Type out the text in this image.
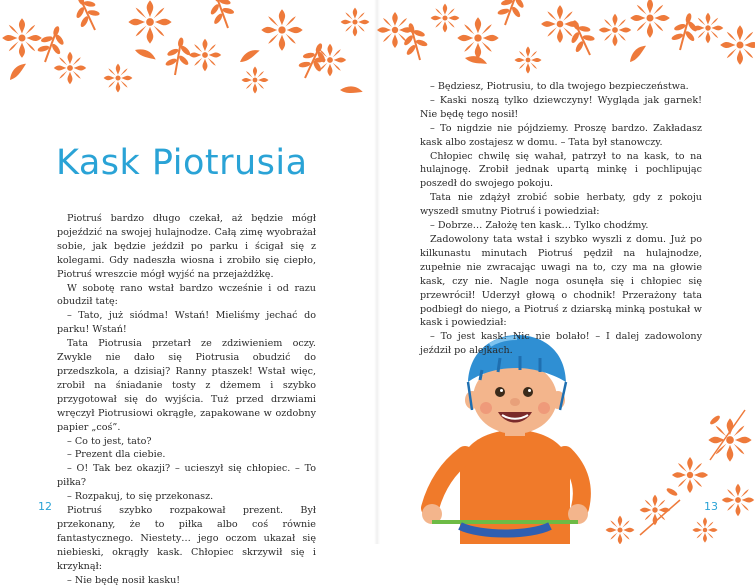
Kask Piotrusia

Piotruś bardzo długo czekał, aż będzie mógł pojeździć na swojej hulajnodze. Całą zimę wyobrażał sobie, jak będzie jeździł po parku i ścigał się z kolegami. Gdy nadeszła wiosna i zrobiło się ciepło, Piotruś wreszcie mógł wyjść na przejażdżkę.

W sobotę rano wstał bardzo wcześnie i od razu obudził tatę:

– Tato, już siódma! Wstań! Mieliśmy jechać do parku! Wstań!

Tata Piotrusia przetarł ze zdziwieniem oczy. Zwykle nie dało się Piotrusia obudzić do przedszkola, a dzisiaj? Ranny ptaszek! Wstał więc, zrobił na śniadanie tosty z dżemem i szybko przygotował się do wyjścia. Tuż przed drzwiami wręczył Piotrusiowi okrągłe, zapakowane w ozdobny papier „coś”.

– Co to jest, tato?

– Prezent dla ciebie.

– O! Tak bez okazji? – ucieszył się chłopiec. – To piłka?

– Rozpakuj, to się przekonasz.

Piotruś szybko rozpakował prezent. Był przekonany, że to piłka albo coś równie fantastycznego. Niestety… jego oczom ukazał się niebieski, okrągły kask. Chłopiec skrzywił się i krzyknął:

– Nie będę nosił kasku!

– Będziesz, Piotrusiu, to dla twojego bezpieczeństwa.

– Kaski noszą tylko dziewczyny! Wygląda jak garnek! Nie będę tego nosił!

– To nigdzie nie pójdziemy. Proszę bardzo. Zakładasz kask albo zostajesz w domu. – Tata był stanowczy.

Chłopiec chwilę się wahał, patrzył to na kask, to na hulajnogę. Zrobił jednak upartą minkę i pochlipując poszedł do swojego pokoju.

Tata nie zdążył zrobić sobie herbaty, gdy z pokoju wyszedł smutny Piotruś i powiedział:

– Dobrze… Założę ten kask… Tylko chodźmy.

Zadowolony tata wstał i szybko wyszli z domu. Już po kilkunastu minutach Piotruś pędził na hulajnodze, zupełnie nie zwracając uwagi na to, czy ma na głowie kask, czy nie. Nagle noga osunęła się i chłopiec się przewrócił! Uderzył głową o chodnik! Przerażony tata podbiegł do niego, a Piotruś z dziarską minką postukał w kask i powiedział:

– To jest kask! Nic nie bolało! – I dalej zadowolony jeździł po alejkach.

12	13
